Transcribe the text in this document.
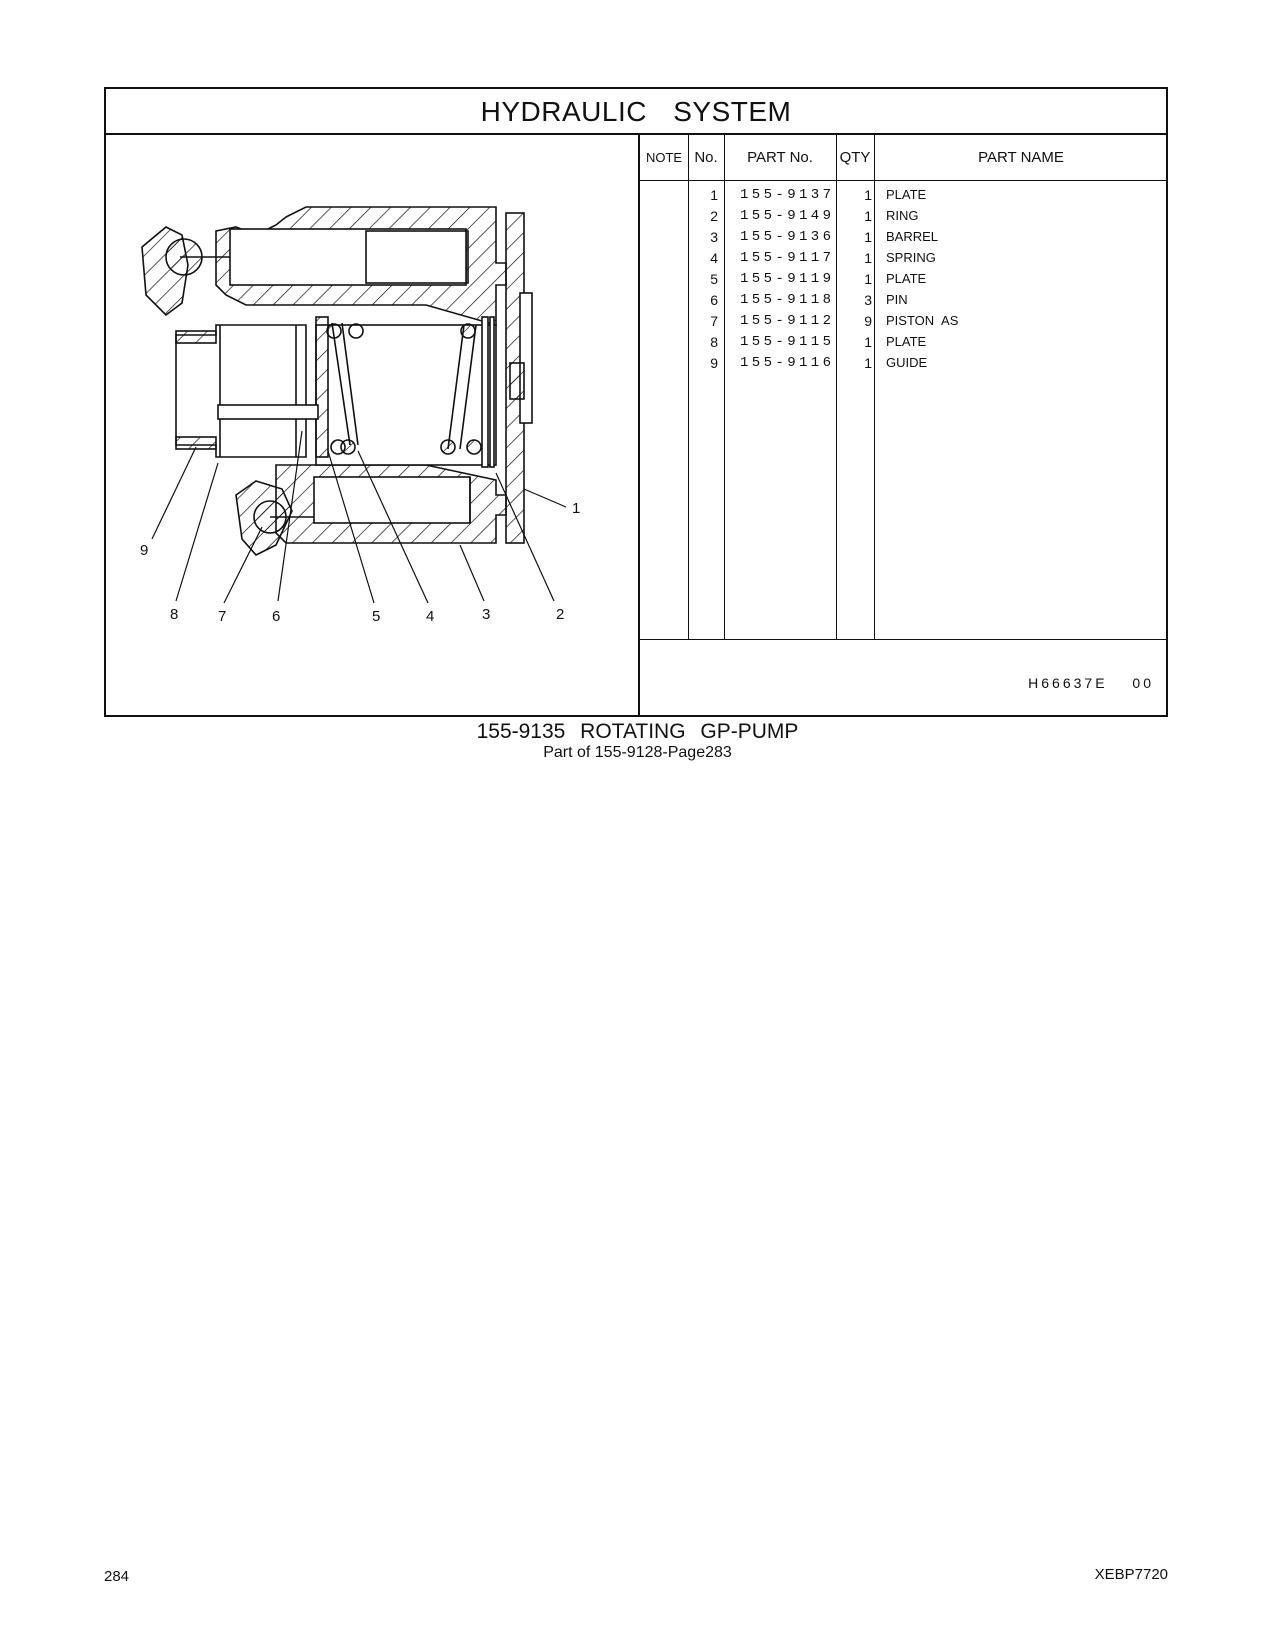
HYDRAULIC SYSTEM
1
2
3
4
5
6
7
8
9
NOTE No.	PART No.	QTY	PART NAME
1 155-9137	1 PLATE
2 155-9149	1 RING
3 155-9136	1 BARREL
4 155-9117	1 SPRING
5 155-9119	1 PLATE
6 155-9118	3 PIN
7 155-9112	9 PISTON AS
8 155-9115	1 PLATE
9 155-9116	1 GUIDE
H66637E 00
155-9135 ROTATING GP-PUMP
Part of 155-9128-Page283
284	XEBP7720
